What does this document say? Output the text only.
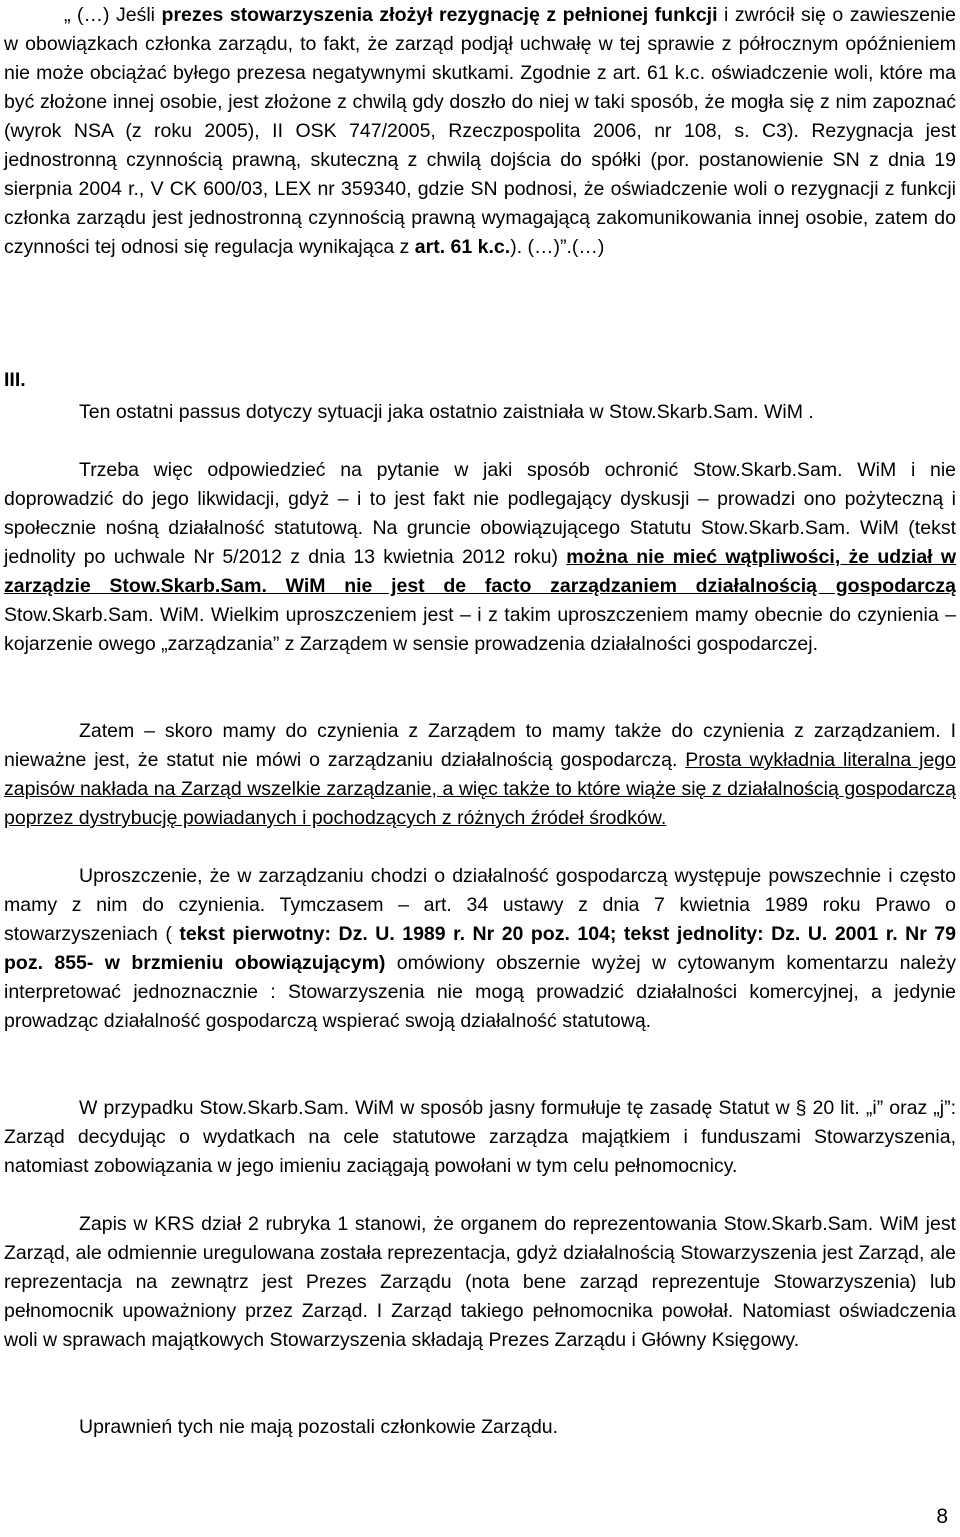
„ (…) Jeśli prezes stowarzyszenia złożył rezygnację z pełnionej funkcji i zwrócił się o zawieszenie w obowiązkach członka zarządu, to fakt, że zarząd podjął uchwałę w tej sprawie z półrocznym opóźnieniem nie może obciążać byłego prezesa negatywnymi skutkami. Zgodnie z art. 61 k.c. oświadczenie woli, które ma być złożone innej osobie, jest złożone z chwilą gdy doszło do niej w taki sposób, że mogła się z nim zapoznać (wyrok NSA (z roku 2005), II OSK 747/2005, Rzeczpospolita 2006, nr 108, s. C3). Rezygnacja jest jednostronną czynnością prawną, skuteczną z chwilą dojścia do spółki (por. postanowienie SN z dnia 19 sierpnia 2004 r., V CK 600/03, LEX nr 359340, gdzie SN podnosi, że oświadczenie woli o rezygnacji z funkcji członka zarządu jest jednostronną czynnością prawną wymagającą zakomunikowania innej osobie, zatem do czynności tej odnosi się regulacja wynikająca z art. 61 k.c.). (…)”.(…)

III.

Ten ostatni passus dotyczy sytuacji jaka ostatnio zaistniała w Stow.Skarb.Sam. WiM .

Trzeba więc odpowiedzieć na pytanie w jaki sposób ochronić Stow.Skarb.Sam. WiM i nie doprowadzić do jego likwidacji, gdyż – i to jest fakt nie podlegający dyskusji – prowadzi ono pożyteczną i społecznie nośną działalność statutową. Na gruncie obowiązującego Statutu Stow.Skarb.Sam. WiM (tekst jednolity po uchwale Nr 5/2012 z dnia 13 kwietnia 2012 roku) można nie mieć wątpliwości, że udział w zarządzie Stow.Skarb.Sam. WiM nie jest de facto zarządzaniem działalnością gospodarczą Stow.Skarb.Sam. WiM. Wielkim uproszczeniem jest – i z takim uproszczeniem mamy obecnie do czynienia – kojarzenie owego „zarządzania” z Zarządem w sensie prowadzenia działalności gospodarczej.

Zatem – skoro mamy do czynienia z Zarządem to mamy także do czynienia z zarządzaniem. I nieważne jest, że statut nie mówi o zarządzaniu działalnością gospodarczą. Prosta wykładnia literalna jego zapisów nakłada na Zarząd wszelkie zarządzanie, a więc także to które wiąże się z działalnością gospodarczą poprzez dystrybucję powiadanych i pochodzących z różnych źródeł środków.

Uproszczenie, że w zarządzaniu chodzi o działalność gospodarczą występuje powszechnie i często mamy z nim do czynienia. Tymczasem – art. 34 ustawy z dnia 7 kwietnia 1989 roku Prawo o stowarzyszeniach ( tekst pierwotny: Dz. U. 1989 r. Nr 20 poz. 104; tekst jednolity: Dz. U. 2001 r. Nr 79 poz. 855- w brzmieniu obowiązującym) omówiony obszernie wyżej w cytowanym komentarzu należy interpretować jednoznacznie : Stowarzyszenia nie mogą prowadzić działalności komercyjnej, a jedynie prowadząc działalność gospodarczą wspierać swoją działalność statutową.

W przypadku Stow.Skarb.Sam. WiM w sposób jasny formułuje tę zasadę Statut w § 20 lit. „i” oraz „j”: Zarząd decydując o wydatkach na cele statutowe zarządza majątkiem i funduszami Stowarzyszenia, natomiast zobowiązania w jego imieniu zaciągają powołani w tym celu pełnomocnicy.

Zapis w KRS dział 2 rubryka 1 stanowi, że organem do reprezentowania Stow.Skarb.Sam. WiM jest Zarząd, ale odmiennie uregulowana została reprezentacja, gdyż działalnością Stowarzyszenia jest Zarząd, ale reprezentacja na zewnątrz jest Prezes Zarządu (nota bene zarząd reprezentuje Stowarzyszenia) lub pełnomocnik upoważniony przez Zarząd. I Zarząd takiego pełnomocnika powołał. Natomiast oświadczenia woli w sprawach majątkowych Stowarzyszenia składają Prezes Zarządu i Główny Księgowy.

Uprawnień tych nie mają pozostali członkowie Zarządu.

8
